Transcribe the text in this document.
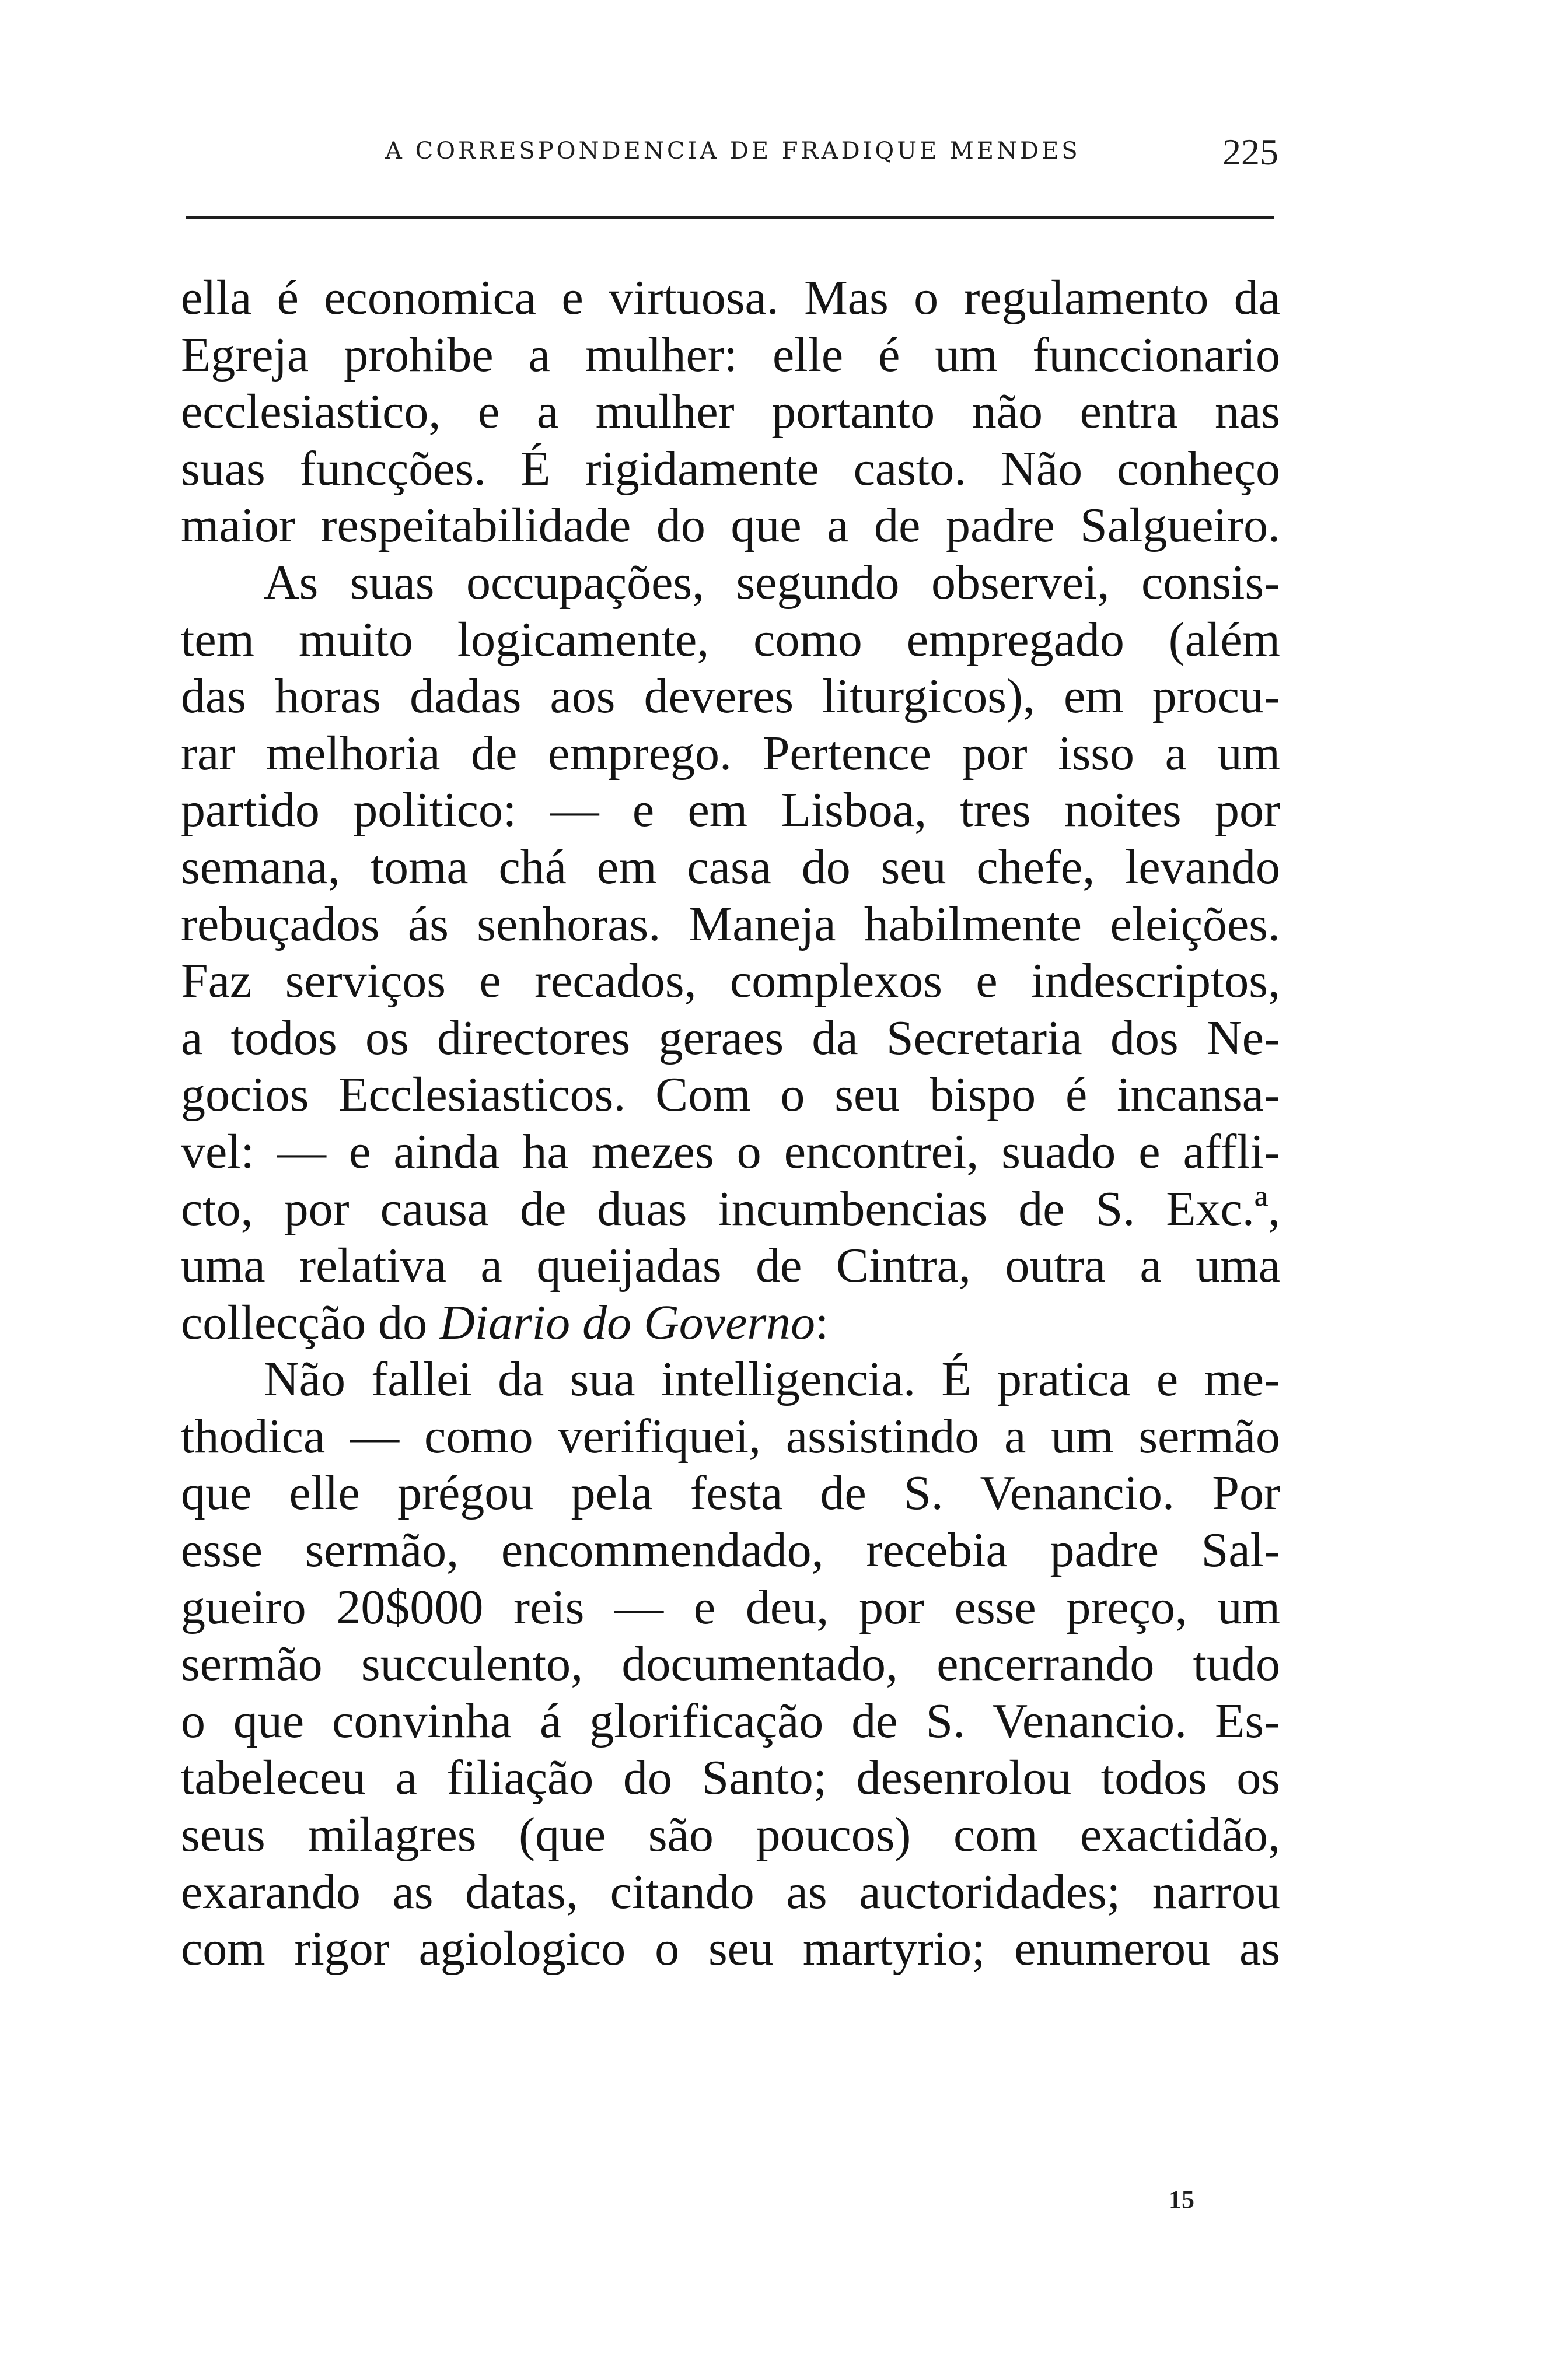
A CORRESPONDENCIA DE FRADIQUE MENDES	225
ella é economica e virtuosa. Mas o regulamento da
Egreja prohibe a mulher: elle é um funccionario
ecclesiastico, e a mulher portanto não entra nas
suas funcções. É rigidamente casto. Não conheço
maior respeitabilidade do que a de padre Salgueiro.
As suas occupações, segundo observei, consis-
tem muito logicamente, como empregado (além
das horas dadas aos deveres liturgicos), em procu-
rar melhoria de emprego. Pertence por isso a um
partido politico: — e em Lisboa, tres noites por
semana, toma chá em casa do seu chefe, levando
rebuçados ás senhoras. Maneja habilmente eleições.
Faz serviços e recados, complexos e indescriptos,
a todos os directores geraes da Secretaria dos Ne-
gocios Ecclesiasticos. Com o seu bispo é incansa-
vel: — e ainda ha mezes o encontrei, suado e affli-
cto, por causa de duas incumbencias de S. Exc.ª,
uma relativa a queijadas de Cintra, outra a uma
collecção do Diario do Governo:
Não fallei da sua intelligencia. É pratica e me-
thodica — como verifiquei, assistindo a um sermão
que elle prégou pela festa de S. Venancio. Por
esse sermão, encommendado, recebia padre Sal-
gueiro 20$000 reis — e deu, por esse preço, um
sermão succulento, documentado, encerrando tudo
o que convinha á glorificação de S. Venancio. Es-
tabeleceu a filiação do Santo; desenrolou todos os
seus milagres (que são poucos) com exactidão,
exarando as datas, citando as auctoridades; narrou
com rigor agiologico o seu martyrio; enumerou as
15
